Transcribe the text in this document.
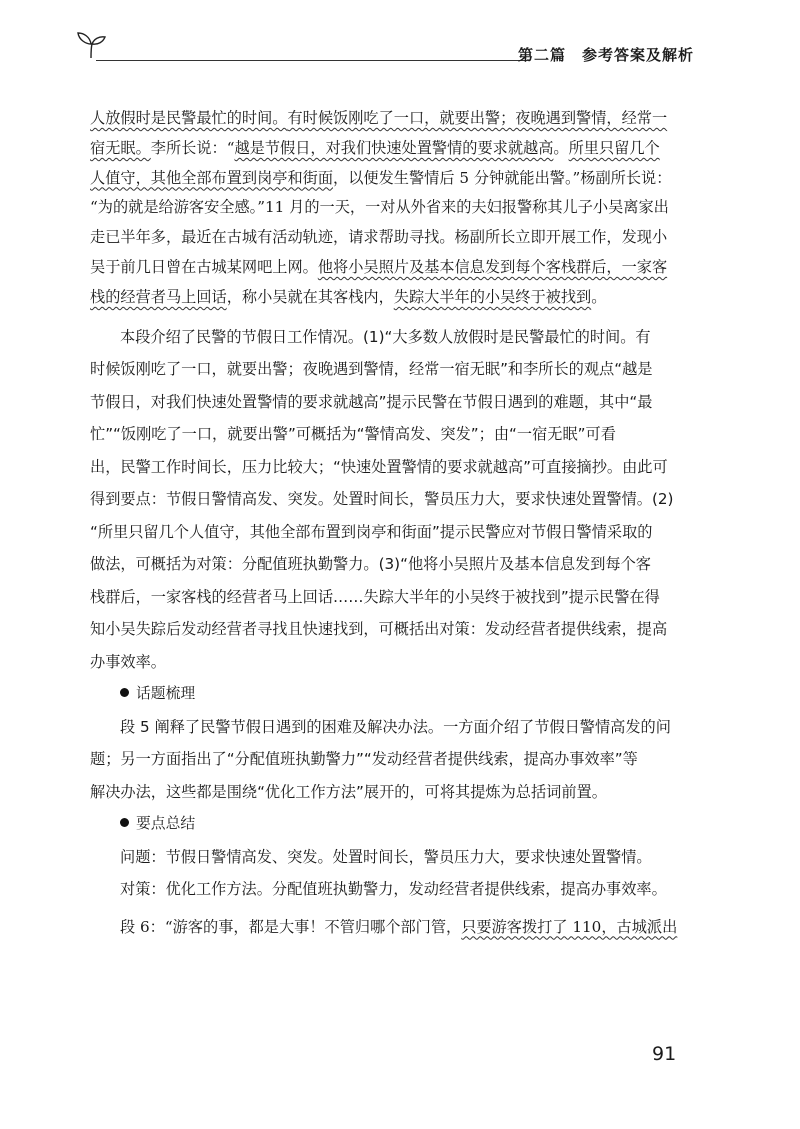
第二篇　参考答案及解析
人放假时是民警最忙的时间。有时候饭刚吃了一口，就要出警；夜晚遇到警情，经常一
宿无眠。李所长说：“越是节假日，对我们快速处置警情的要求就越高。所里只留几个
人值守，其他全部布置到岗亭和街面，以便发生警情后 5 分钟就能出警。”杨副所长说：
“为的就是给游客安全感。”11 月的一天，一对从外省来的夫妇报警称其儿子小吴离家出
走已半年多，最近在古城有活动轨迹，请求帮助寻找。杨副所长立即开展工作，发现小
吴于前几日曾在古城某网吧上网。他将小吴照片及基本信息发到每个客栈群后，一家客
栈的经营者马上回话，称小吴就在其客栈内，失踪大半年的小吴终于被找到。
本段介绍了民警的节假日工作情况。(1)“大多数人放假时是民警最忙的时间。有
时候饭刚吃了一口，就要出警；夜晚遇到警情，经常一宿无眠”和李所长的观点“越是
节假日，对我们快速处置警情的要求就越高”提示民警在节假日遇到的难题，其中“最
忙”“饭刚吃了一口，就要出警”可概括为“警情高发、突发”；由“一宿无眠”可看
出，民警工作时间长，压力比较大；“快速处置警情的要求就越高”可直接摘抄。由此可
得到要点：节假日警情高发、突发。处置时间长，警员压力大，要求快速处置警情。(2)
“所里只留几个人值守，其他全部布置到岗亭和街面”提示民警应对节假日警情采取的
做法，可概括为对策：分配值班执勤警力。(3)“他将小吴照片及基本信息发到每个客
栈群后，一家客栈的经营者马上回话……失踪大半年的小吴终于被找到”提示民警在得
知小吴失踪后发动经营者寻找且快速找到，可概括出对策：发动经营者提供线索，提高
办事效率。
话题梳理
段 5 阐释了民警节假日遇到的困难及解决办法。一方面介绍了节假日警情高发的问
题；另一方面指出了“分配值班执勤警力”“发动经营者提供线索，提高办事效率”等
解决办法，这些都是围绕“优化工作方法”展开的，可将其提炼为总括词前置。
要点总结
问题：节假日警情高发、突发。处置时间长，警员压力大，要求快速处置警情。
对策：优化工作方法。分配值班执勤警力，发动经营者提供线索，提高办事效率。
段 6：“游客的事，都是大事！不管归哪个部门管，只要游客拨打了 110，古城派出
91
